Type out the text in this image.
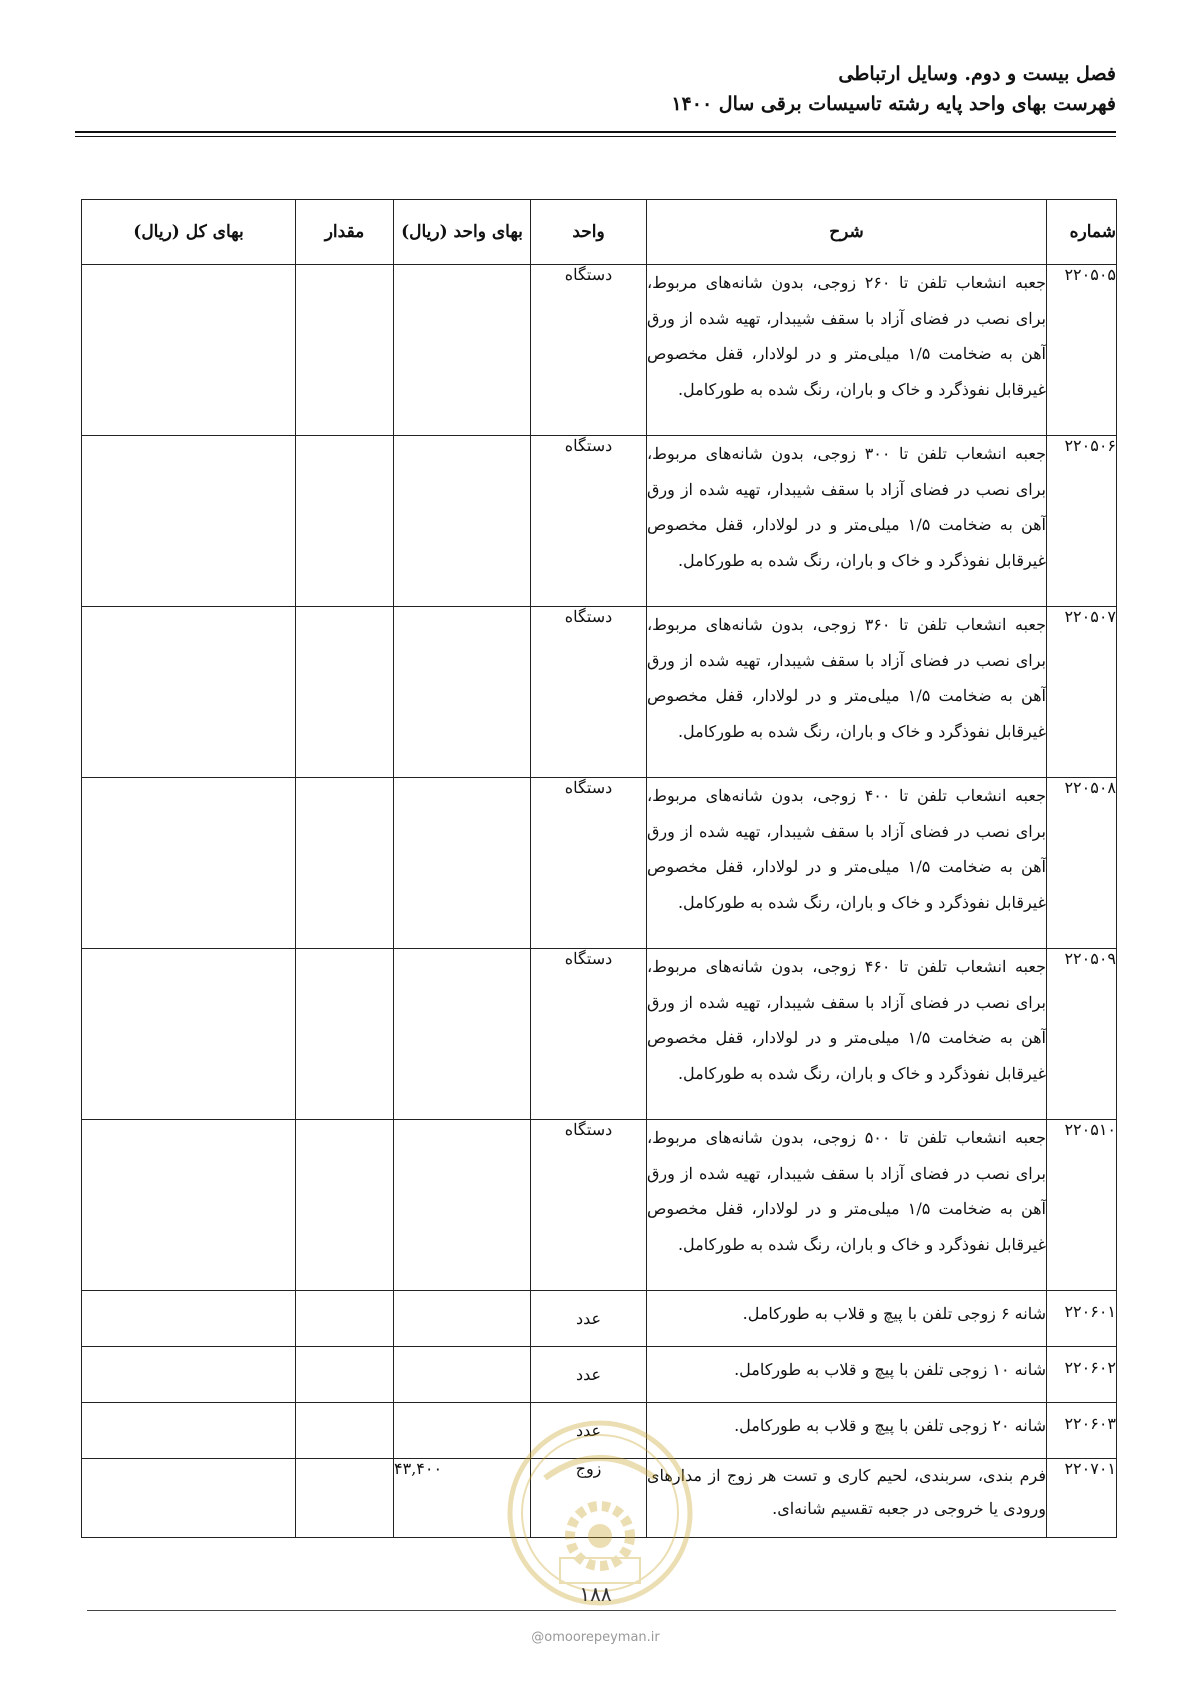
فصل بیست و دوم. وسایل ارتباطی
فهرست بهای واحد پایه رشته تاسیسات برقی سال ۱۴۰۰
شماره	شرح	واحد	بهای واحد (ریال)	مقدار	بهای کل (ریال)
۲۲۰۵۰۵	جعبه انشعاب تلفن تا ۲۶۰ زوجی، بدون شانه‌های مربوط، برای نصب در فضای آزاد با سقف شیبدار، تهیه شده از ورق آهن به ضخامت ۱/۵ میلی‌متر و در لولادار، قفل مخصوص غیرقابل نفوذگرد و خاک و باران، رنگ شده به طورکامل.	دستگاه			
۲۲۰۵۰۶	جعبه انشعاب تلفن تا ۳۰۰ زوجی، بدون شانه‌های مربوط، برای نصب در فضای آزاد با سقف شیبدار، تهیه شده از ورق آهن به ضخامت ۱/۵ میلی‌متر و در لولادار، قفل مخصوص غیرقابل نفوذگرد و خاک و باران، رنگ شده به طورکامل.	دستگاه			
۲۲۰۵۰۷	جعبه انشعاب تلفن تا ۳۶۰ زوجی، بدون شانه‌های مربوط، برای نصب در فضای آزاد با سقف شیبدار، تهیه شده از ورق آهن به ضخامت ۱/۵ میلی‌متر و در لولادار، قفل مخصوص غیرقابل نفوذگرد و خاک و باران، رنگ شده به طورکامل.	دستگاه			
۲۲۰۵۰۸	جعبه انشعاب تلفن تا ۴۰۰ زوجی، بدون شانه‌های مربوط، برای نصب در فضای آزاد با سقف شیبدار، تهیه شده از ورق آهن به ضخامت ۱/۵ میلی‌متر و در لولادار، قفل مخصوص غیرقابل نفوذگرد و خاک و باران، رنگ شده به طورکامل.	دستگاه			
۲۲۰۵۰۹	جعبه انشعاب تلفن تا ۴۶۰ زوجی، بدون شانه‌های مربوط، برای نصب در فضای آزاد با سقف شیبدار، تهیه شده از ورق آهن به ضخامت ۱/۵ میلی‌متر و در لولادار، قفل مخصوص غیرقابل نفوذگرد و خاک و باران، رنگ شده به طورکامل.	دستگاه			
۲۲۰۵۱۰	جعبه انشعاب تلفن تا ۵۰۰ زوجی، بدون شانه‌های مربوط، برای نصب در فضای آزاد با سقف شیبدار، تهیه شده از ورق آهن به ضخامت ۱/۵ میلی‌متر و در لولادار، قفل مخصوص غیرقابل نفوذگرد و خاک و باران، رنگ شده به طورکامل.	دستگاه			
۲۲۰۶۰۱	شانه ۶ زوجی تلفن با پیچ و قلاب به طورکامل.	عدد			
۲۲۰۶۰۲	شانه ۱۰ زوجی تلفن با پیچ و قلاب به طورکامل.	عدد			
۲۲۰۶۰۳	شانه ۲۰ زوجی تلفن با پیچ و قلاب به طورکامل.	عدد			
۲۲۰۷۰۱	فرم بندی، سربندی، لحیم کاری و تست هر زوج از مدارهای ورودی یا خروجی در جعبه تقسیم شانه‌ای.	زوج	۴۳,۴۰۰		
۱۸۸
@omoorepeyman.ir
